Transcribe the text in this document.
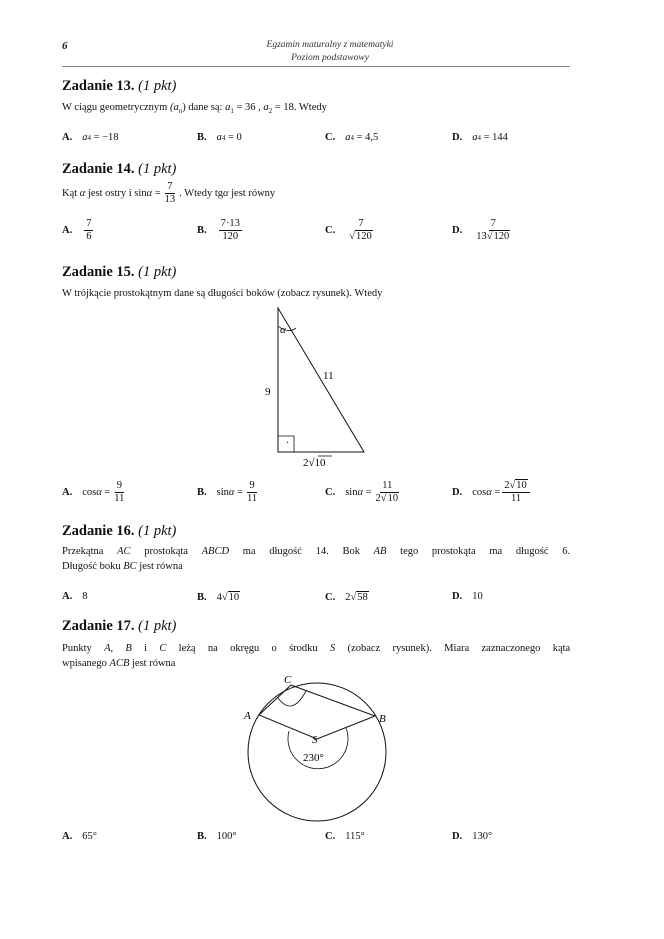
6	Egzamin maturalny z matematyki
Poziom podstawowy
Zadanie 13. (1 pkt)
W ciągu geometrycznym $(a_n)$ dane są: $a_1 = 36$ , $a_2 = 18$. Wtedy
A. a 4
= −18	B. a 4
= 0	C. a 4
= 4,5	D. a 4
= 144
Zadanie 14. (1 pkt)
Kąt
α
jest ostry i sin α
= $\frac{7}{13}$ . Wtedy tg α
jest równy
A. $\frac{7}{6}$	B. $\frac{7\cdot 13}{120}$	C. $\frac{7}{√120}$	D. $\frac{7}{13√120}$
Zadanie 15. (1 pkt)
W trójkącie prostokątnym dane są długości boków (zobacz rysunek). Wtedy
·
α
9
11
2√10
A. cos α
= $\frac{9}{11}$	B. sin α
= $\frac{9}{11}$	C. sin α
= $\frac{11}{2√10}$	D. cos α
= $\frac{2√10}{11}$
Zadanie 16. (1 pkt)
Przekątna AC prostokąta ABCD ma długość 14. Bok AB tego prostokąta ma długość 6.
Długość boku BC jest równa
A. 8	B. 4 √ 10	C. 2 √ 58	D. 10
Zadanie 17. (1 pkt)
Punkty A, B i C leżą na okręgu o środku S (zobacz rysunek). Miara zaznaczonego kąta
wpisanego ACB jest równa
C
A	B
S
230°
A. 65°	B. 100°	C. 115°	D. 130°
